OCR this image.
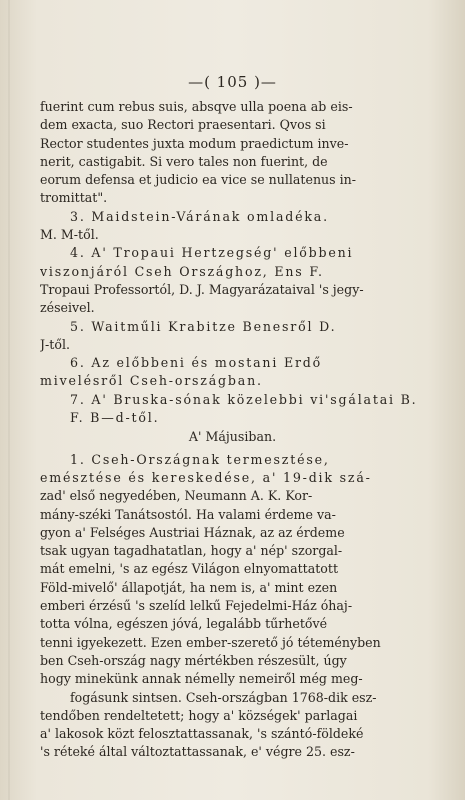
—( 105 )—
fuerint cum rebus suis, absqve ulla poena ab eis-
dem exacta, suo Rectori praesentari. Qvos si
Rector studentes juxta modum praedictum inve-
nerit, castigabit. Si vero tales non fuerint, de
eorum defensa et judicio ea vice se nullatenus in-
tromittat".
3. Maidstein-Várának omladéka.
M. M-től.
4. A' Tropaui Hertzegség' előbbeni
viszonjáról Cseh Országhoz, Ens F.
Tropaui Professortól, D. J. Magyarázataival 's jegy-
zéseivel.
5. Waitműli Krabitze Benesről D.
J-től.
6. Az előbbeni és mostani Erdő
mivelésről Cseh-országban.
7. A' Bruska-sónak közelebbi vi'sgálatai B. F. B—d-től.
A' Májusiban.
1. Cseh-Országnak termesztése,
emésztése és kereskedése, a' 19-dik szá-
zad' első negyedében, Neumann A. K. Kor-
mány-széki Tanátsostól. Ha valami érdeme va-
gyon a' Felséges Austriai Háznak, az az érdeme
tsak ugyan tagadhatatlan, hogy a' nép' szorgal-
mát emelni, 's az egész Világon elnyomattatott
Föld-mivelő' állapotját, ha nem is, a' mint ezen
emberi érzésű 's szelíd lelkű Fejedelmi-Ház óhaj-
totta vólna, egészen jóvá, legalább tűrhetővé
tenni igyekezett. Ezen ember-szerető jó téteményben
ben Cseh-ország nagy mértékben részesült, úgy
hogy minekünk annak némelly nemeiről még meg-
fogásunk sintsen. Cseh-országban 1768-dik esz-
tendőben rendeltetett; hogy a' községek' parlagai
a' lakosok közt felosztattassanak, 's szántó-földeké
's réteké által változtattassanak, e' végre 25. esz-
